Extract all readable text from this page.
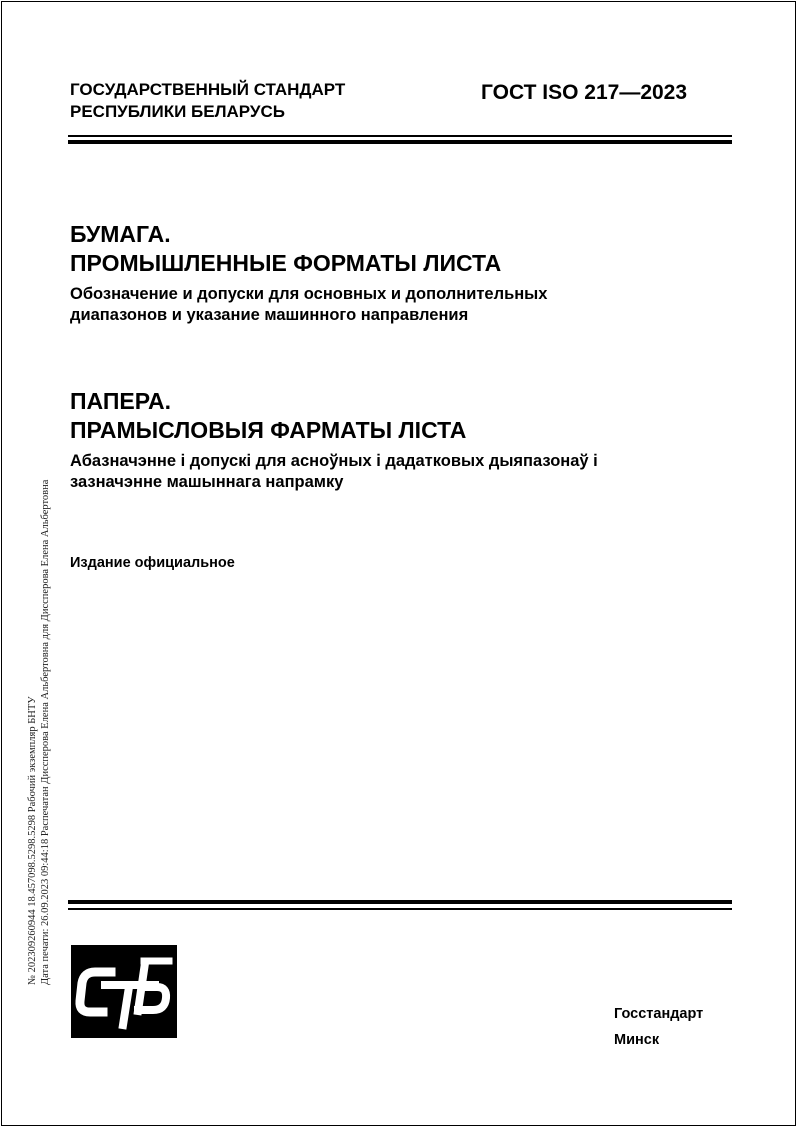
ГОСУДАРСТВЕННЫЙ СТАНДАРТ
РЕСПУБЛИКИ БЕЛАРУСЬ
ГОСТ ISO 217—2023

БУМАГА.

ПРОМЫШЛЕННЫЕ ФОРМАТЫ ЛИСТА

Обозначение и допуски для основных и дополнительных

диапазонов и указание машинного направления

ПАПЕРА.

ПРАМЫСЛОВЫЯ ФАРМАТЫ ЛІСТА

Абазначэнне і допускі для асноўных і дадатковых дыяпазонаў і

зазначэнне машыннага напрамку

Издание официальное
№ 202309260944 18.457098.5298.5298 Рабочий экземпляр БНТУ Дата печати: 26.09.2023 09:44:18 Распечатан Диссперова Елена Альбертовна для Диссперова Елена Альбертовна
Госстандарт
Минск
